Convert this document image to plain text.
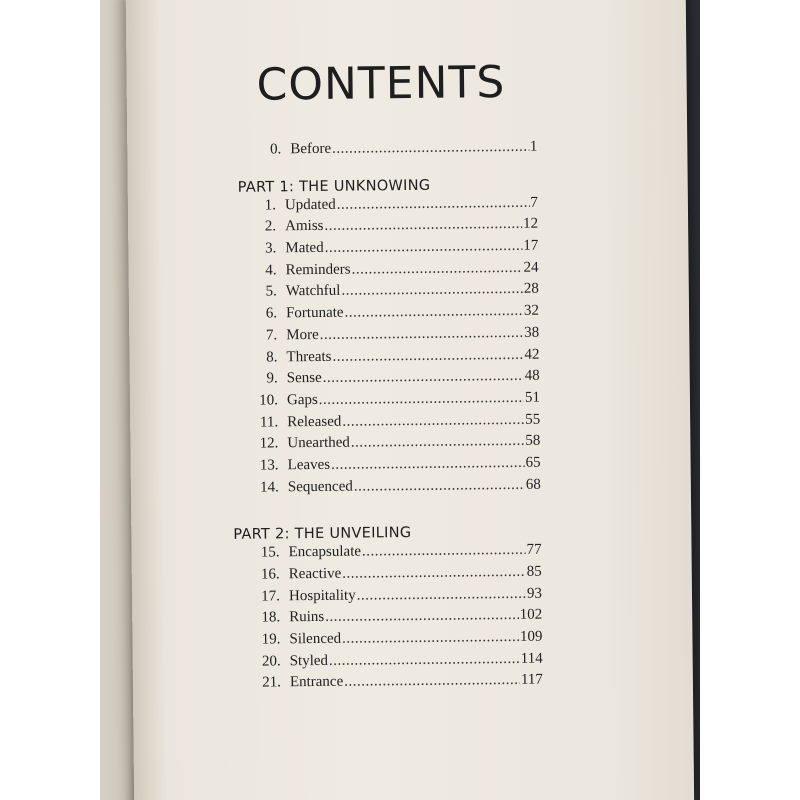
CONTENTS
0. Before .....	1
PART 1: THE UNKNOWING
1. Updated .....	7
2. Amiss .....	12
3. Mated .....	17
4. Reminders .....	24
5. Watchful .....	28
6. Fortunate .....	32
7. More .....	38
8. Threats .....	42
9. Sense .....	48
10. Gaps .....	51
11. Released .....	55
12. Unearthed .....	58
13. Leaves .....	65
14. Sequenced .....	68
PART 2: THE UNVEILING
15. Encapsulate .....	77
16. Reactive .....	85
17. Hospitality .....	93
18. Ruins .....	102
19. Silenced .....	109
20. Styled .....	114
21. Entrance .....	117
